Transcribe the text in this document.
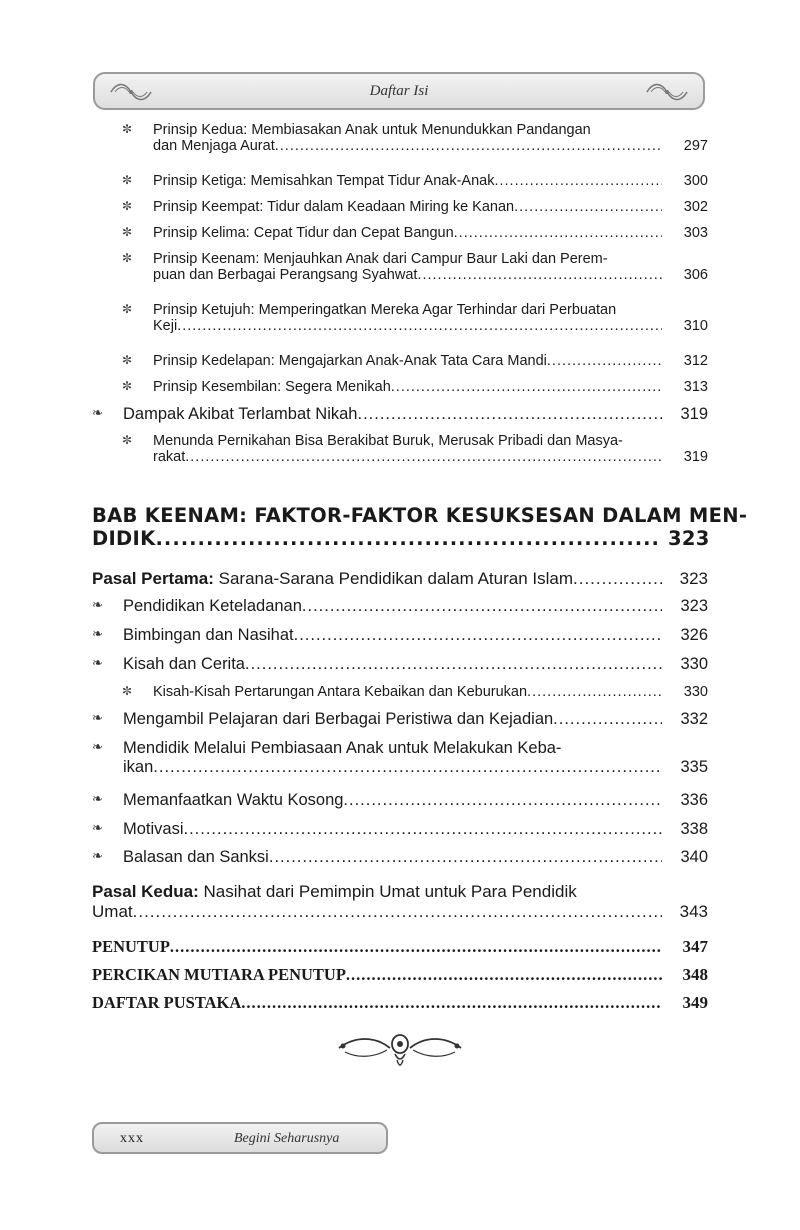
Daftar Isi
✼ Prinsip Kedua: Membiasakan Anak untuk Menundukkan Pandangan
dan Menjaga Aurat .....	297
✼ Prinsip Ketiga: Memisahkan Tempat Tidur Anak-Anak .....	300
✼ Prinsip Keempat: Tidur dalam Keadaan Miring ke Kanan .....	302
✼ Prinsip Kelima: Cepat Tidur dan Cepat Bangun .....	303
✼ Prinsip Keenam: Menjauhkan Anak dari Campur Baur Laki dan Perem-
puan dan Berbagai Perangsang Syahwat .....	306
✼ Prinsip Ketujuh: Memperingatkan Mereka Agar Terhindar dari Perbuatan
Keji .....	310
✼ Prinsip Kedelapan: Mengajarkan Anak-Anak Tata Cara Mandi .....	312
✼ Prinsip Kesembilan: Segera Menikah .....	313
❧ Dampak Akibat Terlambat Nikah .....	319
✼ Menunda Pernikahan Bisa Berakibat Buruk, Merusak Pribadi dan Masya-
rakat .....	319
BAB KEENAM: FAKTOR-FAKTOR KESUKSESAN DALAM MEN-
DIDIK .....	323
Pasal Pertama: Sarana-Sarana Pendidikan dalam Aturan Islam .....	323
❧ Pendidikan Keteladanan .....	323
❧ Bimbingan dan Nasihat .....	326
❧ Kisah dan Cerita .....	330
✼ Kisah-Kisah Pertarungan Antara Kebaikan dan Keburukan .....	330
❧ Mengambil Pelajaran dari Berbagai Peristiwa dan Kejadian .....	332
❧ Mendidik Melalui Pembiasaan Anak untuk Melakukan Keba-
ikan .....	335
❧ Memanfaatkan Waktu Kosong .....	336
❧ Motivasi .....	338
❧ Balasan dan Sanksi .....	340
Pasal Kedua: Nasihat dari Pemimpin Umat untuk Para Pendidik
Umat .....	343
PENUTUP .....	347
PERCIKAN MUTIARA PENUTUP .....	348
DAFTAR PUSTAKA .....	349
xxx	Begini Seharusnya
